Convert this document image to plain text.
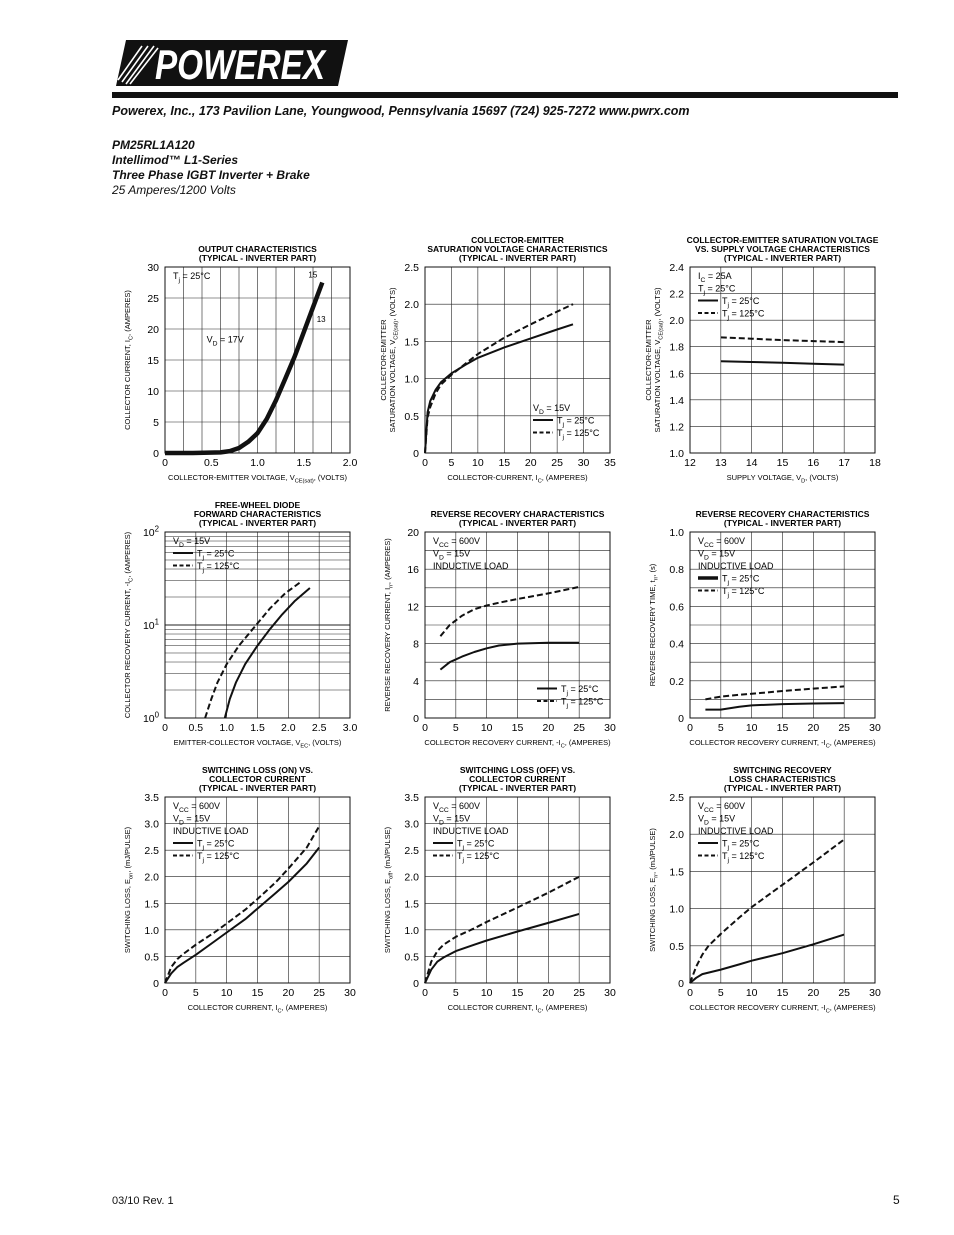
POWEREX
Powerex, Inc., 173 Pavilion Lane, Youngwood, Pennsylvania 15697 (724) 925-7272 www.pwrx.com
PM25RL1A120
Intellimod™ L1-Series
Three Phase IGBT Inverter + Brake
25 Amperes/1200 Volts
OUTPUT CHARACTERISTICS
(TYPICAL - INVERTER PART)
0	0.5	1.0	1.5	2.0
0
5
10
15
20
25
30
COLLECTOR-EMITTER VOLTAGE, $V_{CE(sat)}$, (VOLTS)
COLLECTOR CURRENT, $I_C$, (AMPERES)
$T_j = 25^\circ C$
$V_D = 17V$
15
13
COLLECTOR-EMITTER
SATURATION VOLTAGE CHARACTERISTICS
(TYPICAL - INVERTER PART)
0 5 10 15 20 25 30 35
0
0.5
1.0
1.5
2.0
2.5
COLLECTOR-CURRENT, $I_C$, (AMPERES)
COLLECTOR-EMITTER SATURATION VOLTAGE, $V_{CE(sat)}$, (VOLTS)
$V_D = 15V$
$T_j = 25^\circ C$
$T_j = 125^\circ C$
COLLECTOR-EMITTER SATURATION VOLTAGE
VS. SUPPLY VOLTAGE CHARACTERISTICS
(TYPICAL - INVERTER PART)
12 13 14 15 16 17 18
1.0
1.2
1.4
1.6
1.8
2.0
2.2
2.4
SUPPLY VOLTAGE, $V_D$, (VOLTS)
COLLECTOR-EMITTER SATURATION VOLTAGE, $V_{CE(sat)}$, (VOLTS)
$I_C = 25A$
$T_j = 25^\circ C$
$T_j = 25^\circ C$
$T_j = 125^\circ C$
FREE-WHEEL DIODE
FORWARD CHARACTERISTICS
(TYPICAL - INVERTER PART)
0 0.5 1.0 1.5 2.0 2.5 3.0
$10^0$
$10^1$
$10^2$
EMITTER-COLLECTOR VOLTAGE, $V_{EC}$, (VOLTS)
COLLECTOR RECOVERY CURRENT, $-I_C$, (AMPERES)	$V_D = 15V$
$T_j = 25^\circ C$
$T_j = 125^\circ C$
REVERSE RECOVERY CHARACTERISTICS
(TYPICAL - INVERTER PART)
0 5 10 15 20 25 30
0
4
8
12
16
20
COLLECTOR RECOVERY CURRENT, $-I_C$, (AMPERES)
REVERSE RECOVERY CURRENT, $I_{rr}$, (AMPERES)	$V_{CC} = 600V$
$V_D = 15V$
INDUCTIVE LOAD
$T_j = 25^\circ C$
$T_j = 125^\circ C$
REVERSE RECOVERY CHARACTERISTICS
(TYPICAL - INVERTER PART)
0 5 10 15 20 25 30
0
0.2
0.4
0.6
0.8
1.0
COLLECTOR RECOVERY CURRENT, $-I_C$, (AMPERES)
REVERSE RECOVERY TIME, $t_{rr}$, (s)
$V_{CC} = 600V$
$V_D = 15V$
INDUCTIVE LOAD
$T_j = 25^\circ C$
$T_j = 125^\circ C$
SWITCHING LOSS (ON) VS.
COLLECTOR CURRENT
(TYPICAL - INVERTER PART)
0 5 10 15 20 25 30
0
0.5
1.0
1.5
2.0
2.5
3.0
3.5
COLLECTOR CURRENT, $I_C$, (AMPERES)
SWITCHING LOSS, $E_{on}$, (mJ/PULSE)
$V_{CC} = 600V$
$V_D = 15V$
INDUCTIVE LOAD
$T_j = 25^\circ C$
$T_j = 125^\circ C$
SWITCHING LOSS (OFF) VS.
COLLECTOR CURRENT
(TYPICAL - INVERTER PART)
0 5 10 15 20 25 30
0
0.5
1.0
1.5
2.0
2.5
3.0
3.5
COLLECTOR CURRENT, $I_C$, (AMPERES)
SWITCHING LOSS, $E_{off}$, (mJ/PULSE)
$V_{CC} = 600V$
$V_D = 15V$
INDUCTIVE LOAD
$T_j = 25^\circ C$
$T_j = 125^\circ C$
SWITCHING RECOVERY
LOSS CHARACTERISTICS
(TYPICAL - INVERTER PART)
0 5 10 15 20 25 30
0
0.5
1.0
1.5
2.0
2.5
COLLECTOR RECOVERY CURRENT, $-I_C$, (AMPERES)
SWITCHING LOSS, $E_{rr}$, (mJ/PULSE)
$V_{CC} = 600V$
$V_D = 15V$
INDUCTIVE LOAD
$T_j = 25^\circ C$
$T_j = 125^\circ C$
03/10 Rev. 1	5
